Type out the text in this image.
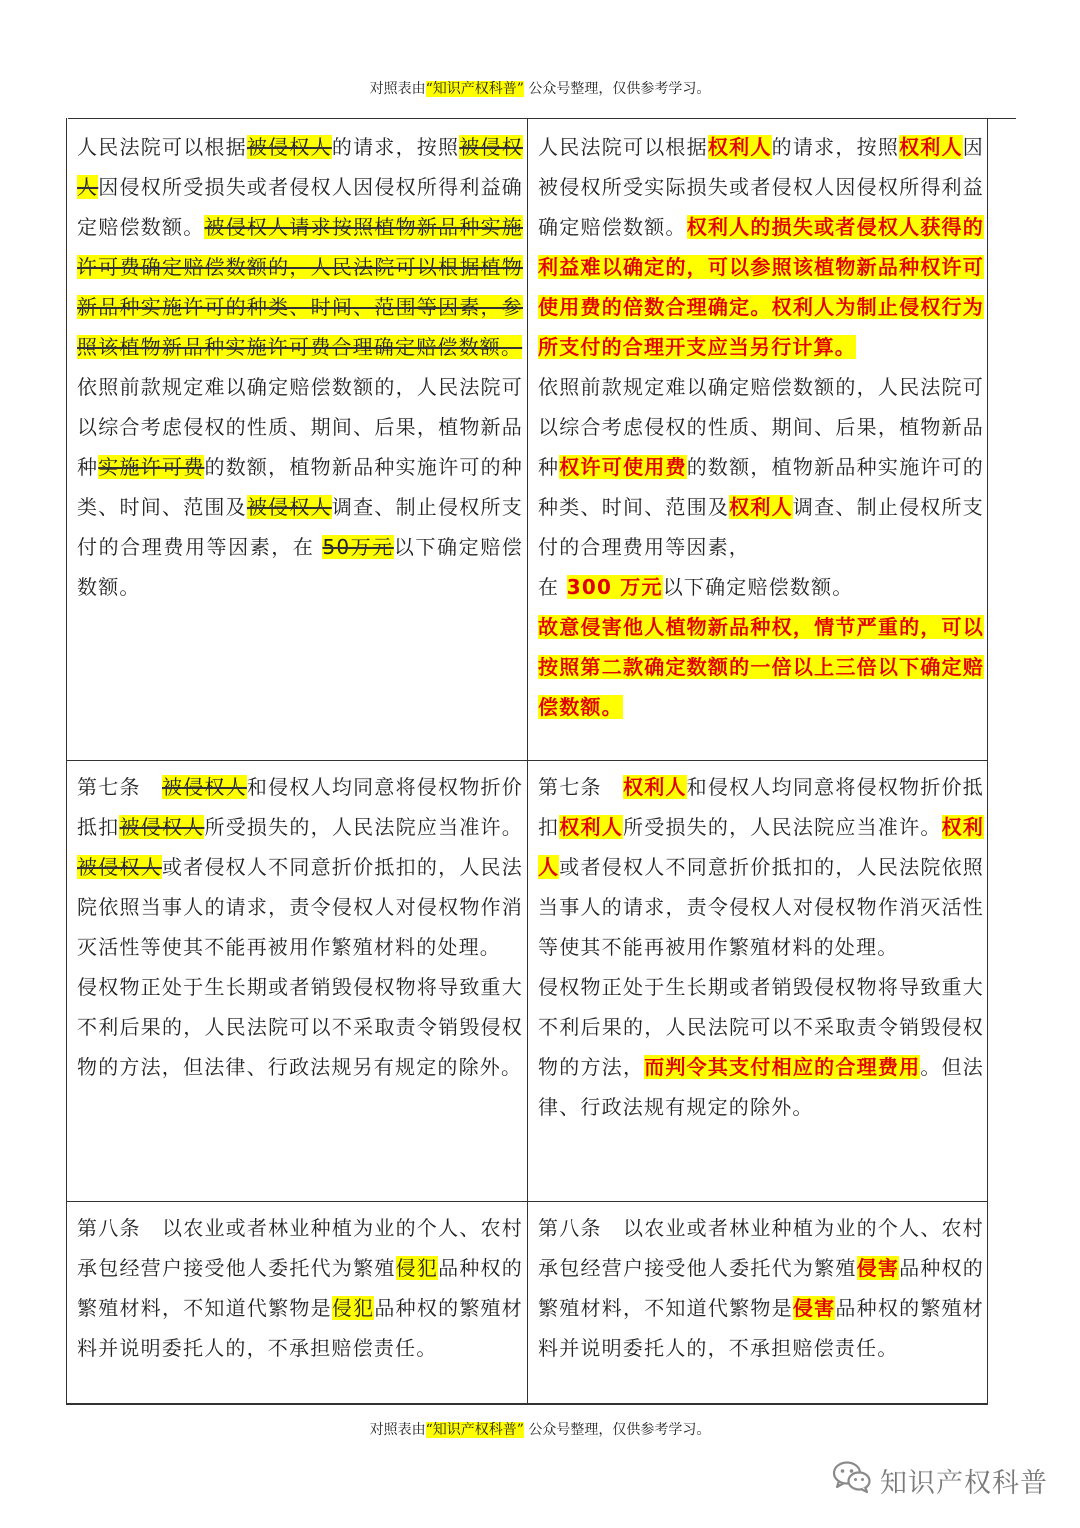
对照表由“知识产权科普” 公众号整理，仅供参考学习。

人民法院可以根据被侵权人的请求，按照被侵权人因侵权所受损失或者侵权人因侵权所得利益确定赔偿数额。被侵权人请求按照植物新品种实施许可费确定赔偿数额的，人民法院可以根据植物新品种实施许可的种类、时间、范围等因素，参照该植物新品种实施许可费合理确定赔偿数额。

依照前款规定难以确定赔偿数额的，人民法院可以综合考虑侵权的性质、期间、后果，植物新品种实施许可费的数额，植物新品种实施许可的种类、时间、范围及被侵权人调查、制止侵权所支付的合理费用等因素，在 50万元以下确定赔偿数额。

人民法院可以根据权利人的请求，按照权利人因被侵权所受实际损失或者侵权人因侵权所得利益确定赔偿数额。权利人的损失或者侵权人获得的利益难以确定的，可以参照该植物新品种权许可使用费的倍数合理确定。权利人为制止侵权行为所支付的合理开支应当另行计算。

依照前款规定难以确定赔偿数额的，人民法院可以综合考虑侵权的性质、期间、后果，植物新品种权许可使用费的数额，植物新品种实施许可的种类、时间、范围及权利人调查、制止侵权所支付的合理费用等因素，

在 300 万元以下确定赔偿数额。

故意侵害他人植物新品种权，情节严重的，可以按照第二款确定数额的一倍以上三倍以下确定赔偿数额。

第七条　被侵权人和侵权人均同意将侵权物折价抵扣被侵权人所受损失的，人民法院应当准许。被侵权人或者侵权人不同意折价抵扣的，人民法院依照当事人的请求，责令侵权人对侵权物作消灭活性等使其不能再被用作繁殖材料的处理。

侵权物正处于生长期或者销毁侵权物将导致重大不利后果的，人民法院可以不采取责令销毁侵权物的方法，但法律、行政法规另有规定的除外。

第七条　权利人和侵权人均同意将侵权物折价抵扣权利人所受损失的，人民法院应当准许。权利人或者侵权人不同意折价抵扣的，人民法院依照当事人的请求，责令侵权人对侵权物作消灭活性等使其不能再被用作繁殖材料的处理。

侵权物正处于生长期或者销毁侵权物将导致重大不利后果的，人民法院可以不采取责令销毁侵权物的方法，而判令其支付相应的合理费用。但法律、行政法规有规定的除外。

第八条　以农业或者林业种植为业的个人、农村承包经营户接受他人委托代为繁殖侵犯品种权的繁殖材料，不知道代繁物是侵犯品种权的繁殖材料并说明委托人的，不承担赔偿责任。

第八条　以农业或者林业种植为业的个人、农村承包经营户接受他人委托代为繁殖侵害品种权的繁殖材料，不知道代繁物是侵害品种权的繁殖材料并说明委托人的，不承担赔偿责任。

对照表由“知识产权科普” 公众号整理，仅供参考学习。
知识产权科普
